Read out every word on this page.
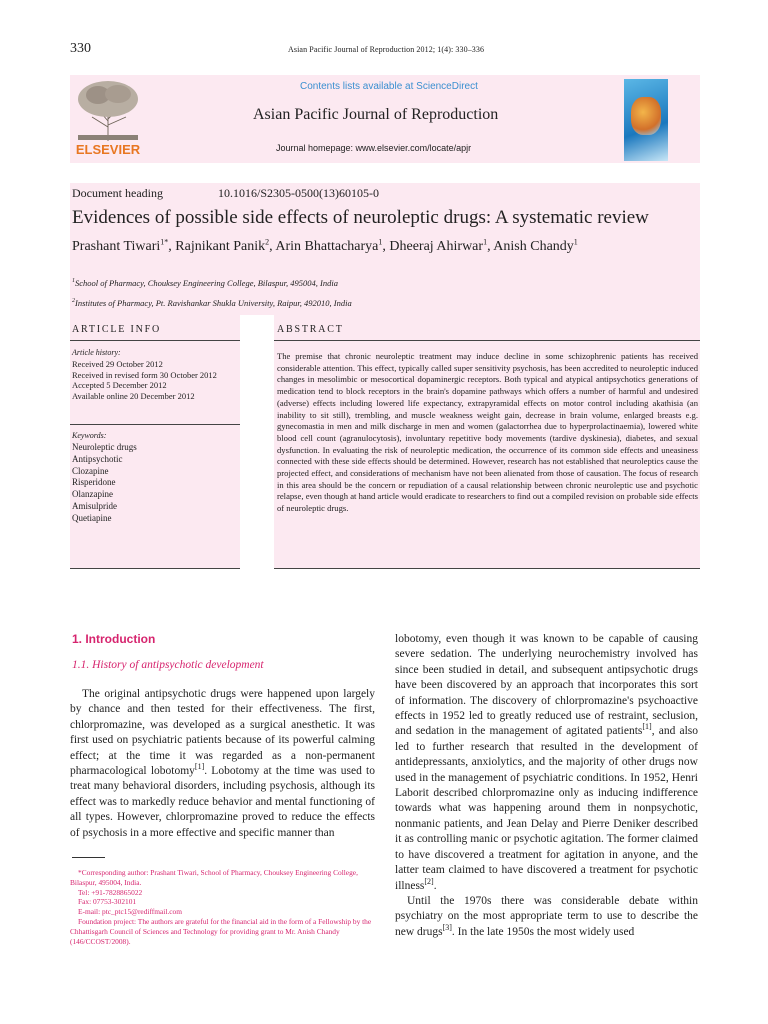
330	Asian Pacific Journal of Reproduction 2012; 1(4): 330–336
ELSEVIER
Contents lists available at ScienceDirect
Asian Pacific Journal of Reproduction
Journal homepage: www.elsevier.com/locate/apjr
Document heading	10.1016/S2305-0500(13)60105-0
Evidences of possible side effects of neuroleptic drugs: A systematic review
Prashant Tiwari$^{1*}$, Rajnikant Panik$^2$, Arin Bhattacharya$^1$, Dheeraj Ahirwar$^1$, Anish Chandy$^1$
$^1$School of Pharmacy, Chouksey Engineering College, Bilaspur, 495004, India
$^2$Institutes of Pharmacy, Pt. Ravishankar Shukla University, Raipur, 492010, India
ARTICLE INFO	ABSTRACT
Article history:
Received 29 October 2012
Received in revised form 30 October 2012
Accepted 5 December 2012
Available online 20 December 2012
Keywords:
Neuroleptic drugs
Antipsychotic
Clozapine
Risperidone
Olanzapine
Amisulpride
Quetiapine
The premise that chronic neuroleptic treatment may induce decline in some schizophrenic patients has received considerable attention. This effect, typically called super sensitivity psychosis, has been accredited to neuroleptic induced changes in mesolimbic or mesocortical dopaminergic receptors. Both typical and atypical antipsychotics generations of medication tend to block receptors in the brain's dopamine pathways which offers a number of harmful and undesired (adverse) effects including lowered life expectancy, extrapyramidal effects on motor control including akathisia (an inability to sit still), trembling, and muscle weakness weight gain, decrease in brain volume, enlarged breasts e.g. gynecomastia in men and milk discharge in men and women (galactorrhea due to hyperprolactinaemia), lowered white blood cell count (agranulocytosis), involuntary repetitive body movements (tardive dyskinesia), diabetes, and sexual dysfunction. In evaluating the risk of neuroleptic medication, the occurrence of its common side effects and uneasiness connected with these side effects should be determined. However, research has not established that neuroleptics cause the projected effect, and considerations of mechanism have not been alienated from those of causation. The focus of research in this area should be the concern or repudiation of a causal relationship between chronic neuroleptic use and psychotic relapse, even though at hand article would eradicate to researchers to find out a compiled revision on probable side effects of neuroleptic drugs.
1. Introduction
1.1. History of antipsychotic development

The original antipsychotic drugs were happened upon largely by chance and then tested for their effectiveness. The first, chlorpromazine, was developed as a surgical anesthetic. It was first used on psychiatric patients because of its powerful calming effect; at the time it was regarded as a non-permanent pharmacological lobotomy[1]. Lobotomy at the time was used to treat many behavioral disorders, including psychosis, although its effect was to markedly reduce behavior and mental functioning of all types. However, chlorpromazine proved to reduce the effects of psychosis in a more effective and specific manner than

*Corresponding author: Prashant Tiwari, School of Pharmacy, Chouksey Engineering College, Bilaspur, 495004, India.
Tel: +91-7828865022
Fax: 07753-302101
E-mail: ptc_ptc15@rediffmail.com
Foundation project: The authors are grateful for the financial aid in the form of a Fellowship by the Chhattisgarh Council of Sciences and Technology for providing grant to Mr. Anish Chandy (146/CCOST/2008).

lobotomy, even though it was known to be capable of causing severe sedation. The underlying neurochemistry involved has since been studied in detail, and subsequent antipsychotic drugs have been discovered by an approach that incorporates this sort of information. The discovery of chlorpromazine's psychoactive effects in 1952 led to greatly reduced use of restraint, seclusion, and sedation in the management of agitated patients[1], and also led to further research that resulted in the development of antidepressants, anxiolytics, and the majority of other drugs now used in the management of psychiatric conditions. In 1952, Henri Laborit described chlorpromazine only as inducing indifference towards what was happening around them in nonpsychotic, nonmanic patients, and Jean Delay and Pierre Deniker described it as controlling manic or psychotic agitation. The former claimed to have discovered a treatment for agitation in anyone, and the latter team claimed to have discovered a treatment for psychotic illness[2].

Until the 1970s there was considerable debate within psychiatry on the most appropriate term to use to describe the new drugs[3]. In the late 1950s the most widely used
